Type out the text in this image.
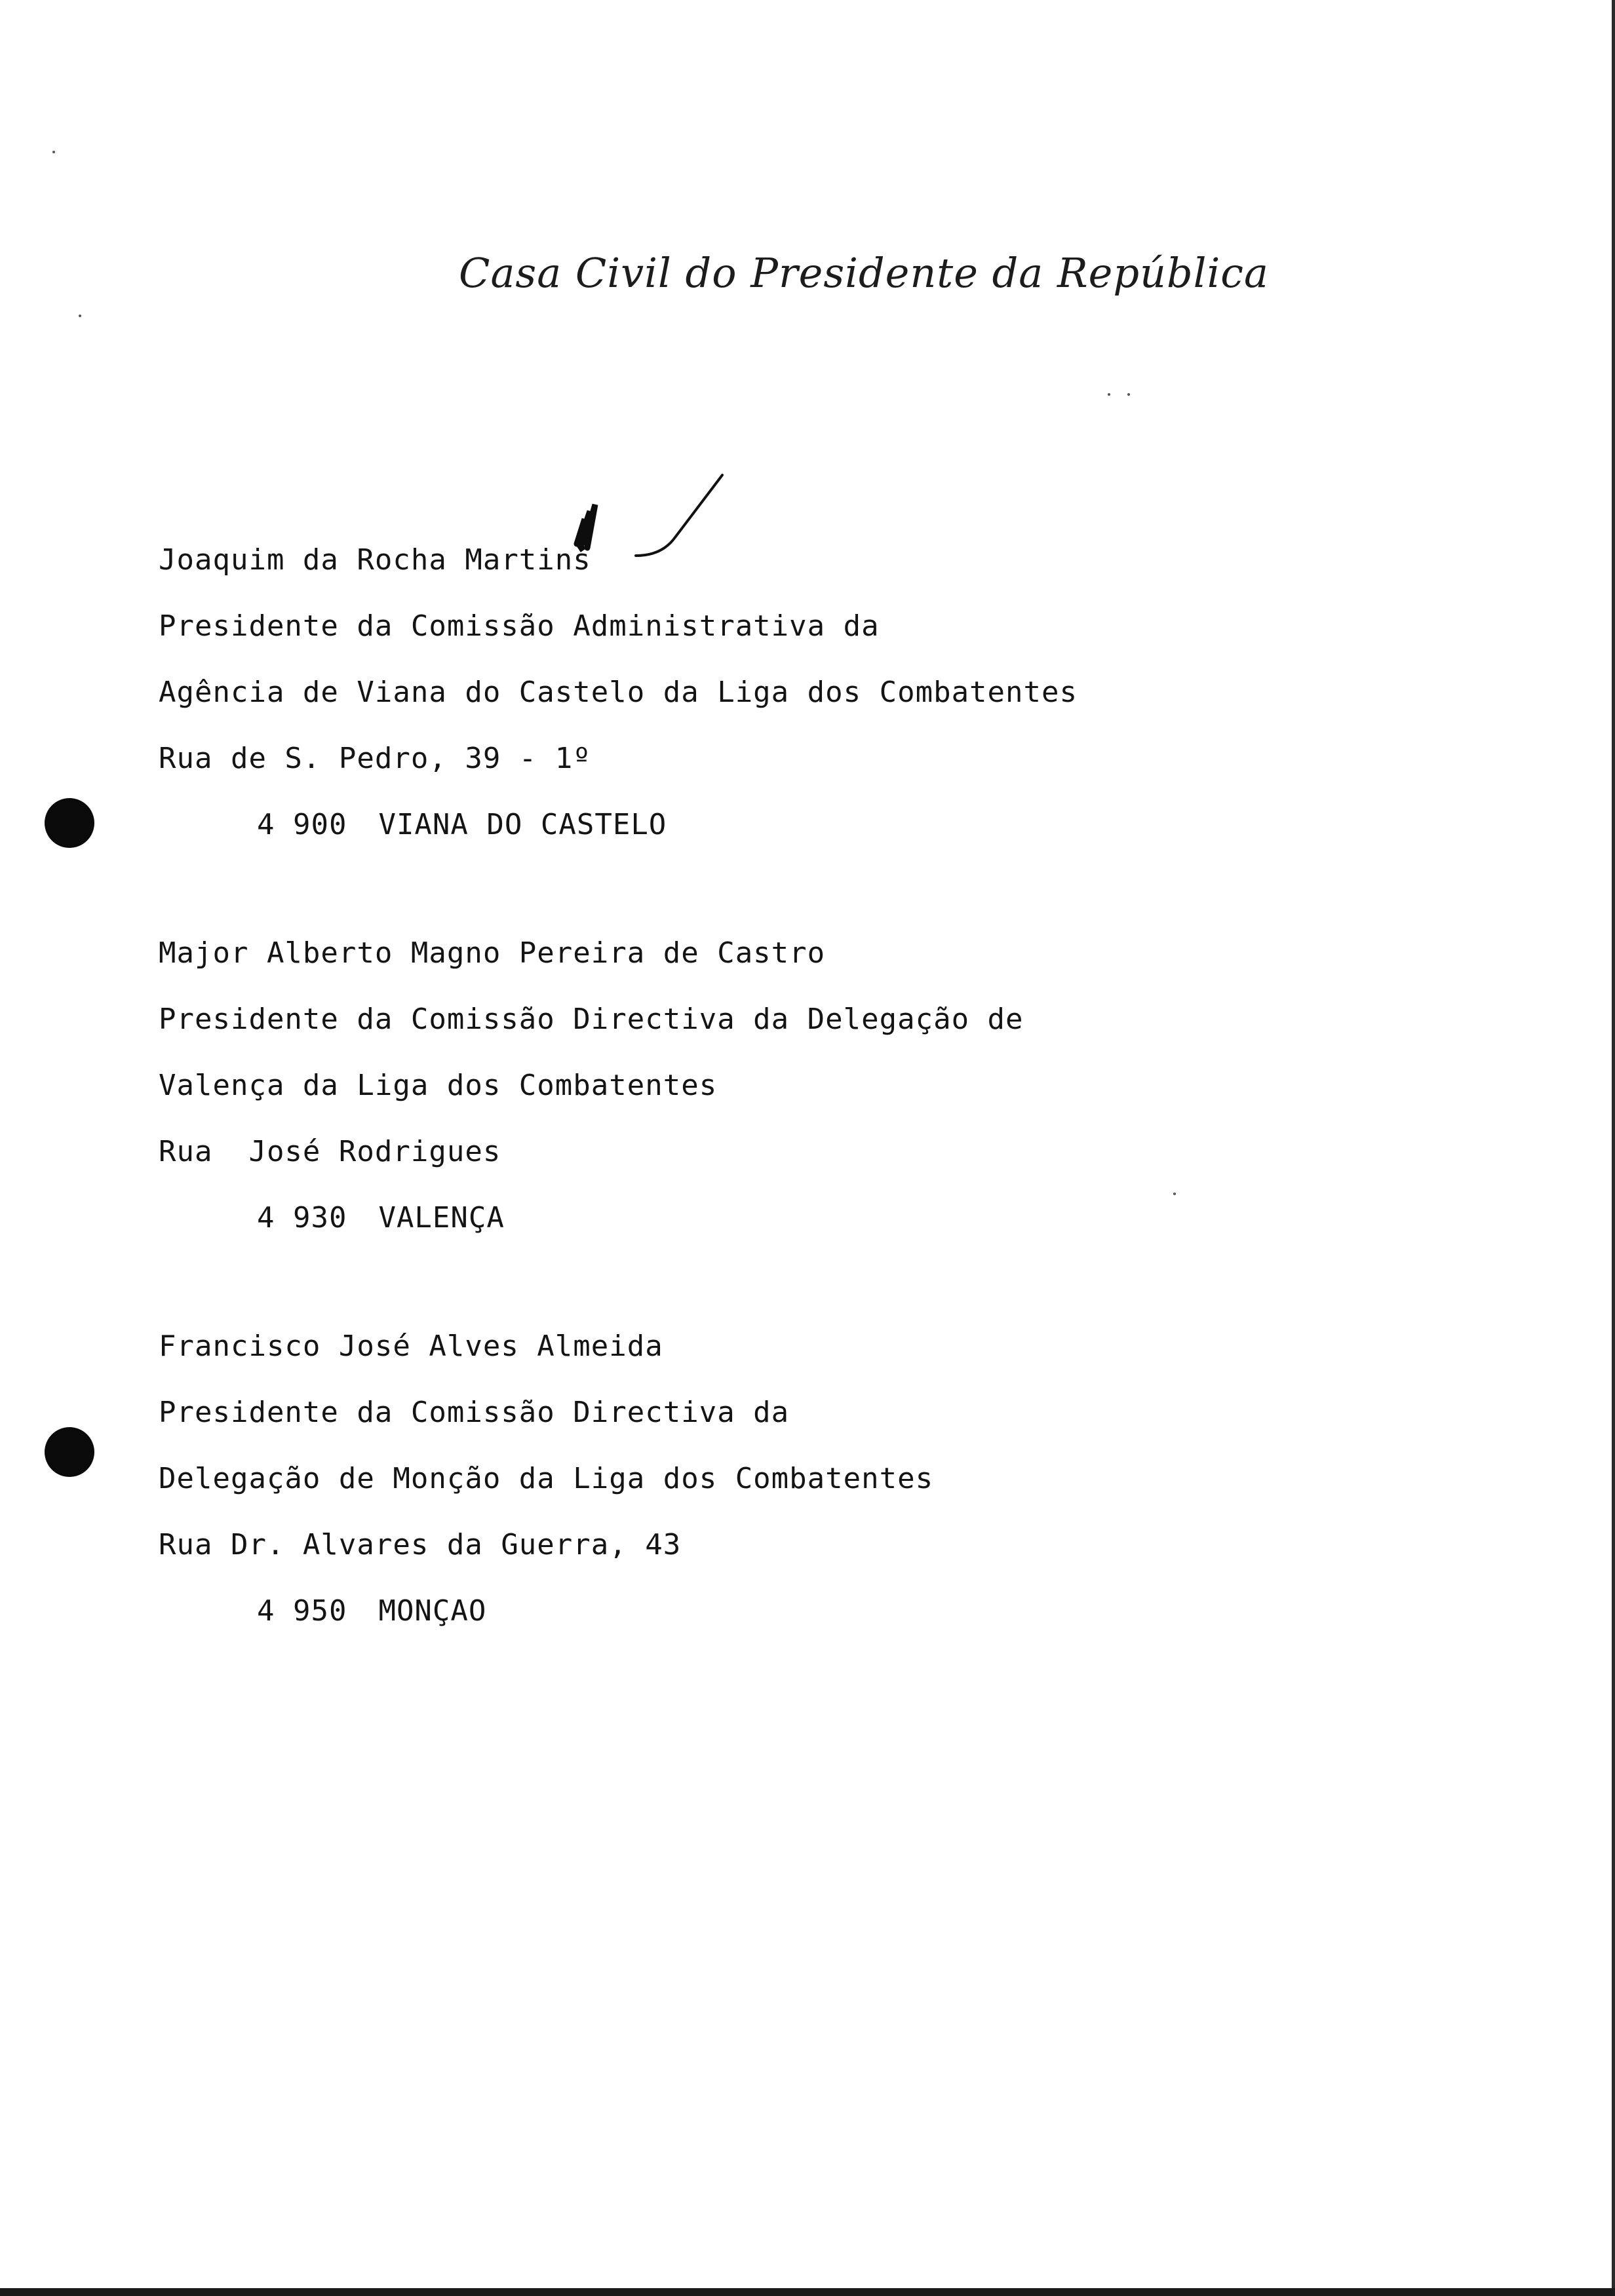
Casa Civil do Presidente da República
Joaquim da Rocha Martins
Presidente da Comissão Administrativa da
Agência de Viana do Castelo da Liga dos Combatentes
Rua de S. Pedro, 39 - 1º
4 900 VIANA DO CASTELO
Major Alberto Magno Pereira de Castro
Presidente da Comissão Directiva da Delegação de
Valença da Liga dos Combatentes
Rua  José Rodrigues
4 930 VALENÇA
Francisco José Alves Almeida
Presidente da Comissão Directiva da
Delegação de Monção da Liga dos Combatentes
Rua Dr. Alvares da Guerra, 43
4 950 MONÇAO
